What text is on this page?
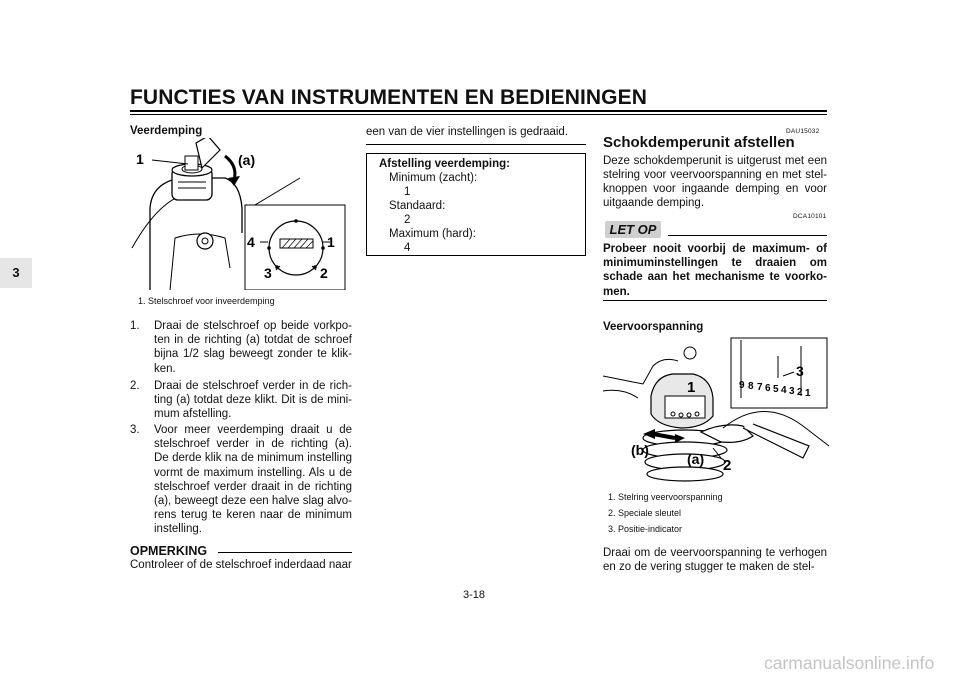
FUNCTIES VAN INSTRUMENTEN EN BEDIENINGEN
3
Veerdemping
1	(a)
4	1
3	2
1. Stelschroef voor inveerdemping
1. Draai de stelschroef op beide vorkpo-ten in de richting (a) totdat de schroef bijna 1/2 slag beweegt zonder te klik-ken.
2. Draai de stelschroef verder in de rich-ting (a) totdat deze klikt. Dit is de mini-mum afstelling.
3. Voor meer veerdemping draait u de stelschroef verder in de richting (a). De derde klik na de minimum instelling vormt de maximum instelling. Als u de stelschroef verder draait in de richting (a), beweegt deze een halve slag alvo-rens terug te keren naar de minimum instelling.
OPMERKING
Controleer of de stelschroef inderdaad naar
een van de vier instellingen is gedraaid.
Afstelling veerdemping:
Minimum (zacht):
1
Standaard:
2
Maximum (hard):
4
DAU15032
Schokdemperunit afstellen
Deze schokdemperunit is uitgerust met een stelring voor veervoorspanning en met stel-knoppen voor ingaande demping en voor uitgaande demping.
DCA10101
LET OP
Probeer nooit voorbij de maximum- of minimuminstellingen te draaien om schade aan het mechanisme te voorko-men.
Veervoorspanning
1
(b)
(a) 2
3
9 8 7 6 5 4 3 2 1
1. Stelring veervoorspanning
2. Speciale sleutel
3. Positie-indicator
Draai om de veervoorspanning te verhogen en zo de vering stugger te maken de stel-
3-18
carmanualsonline.info
